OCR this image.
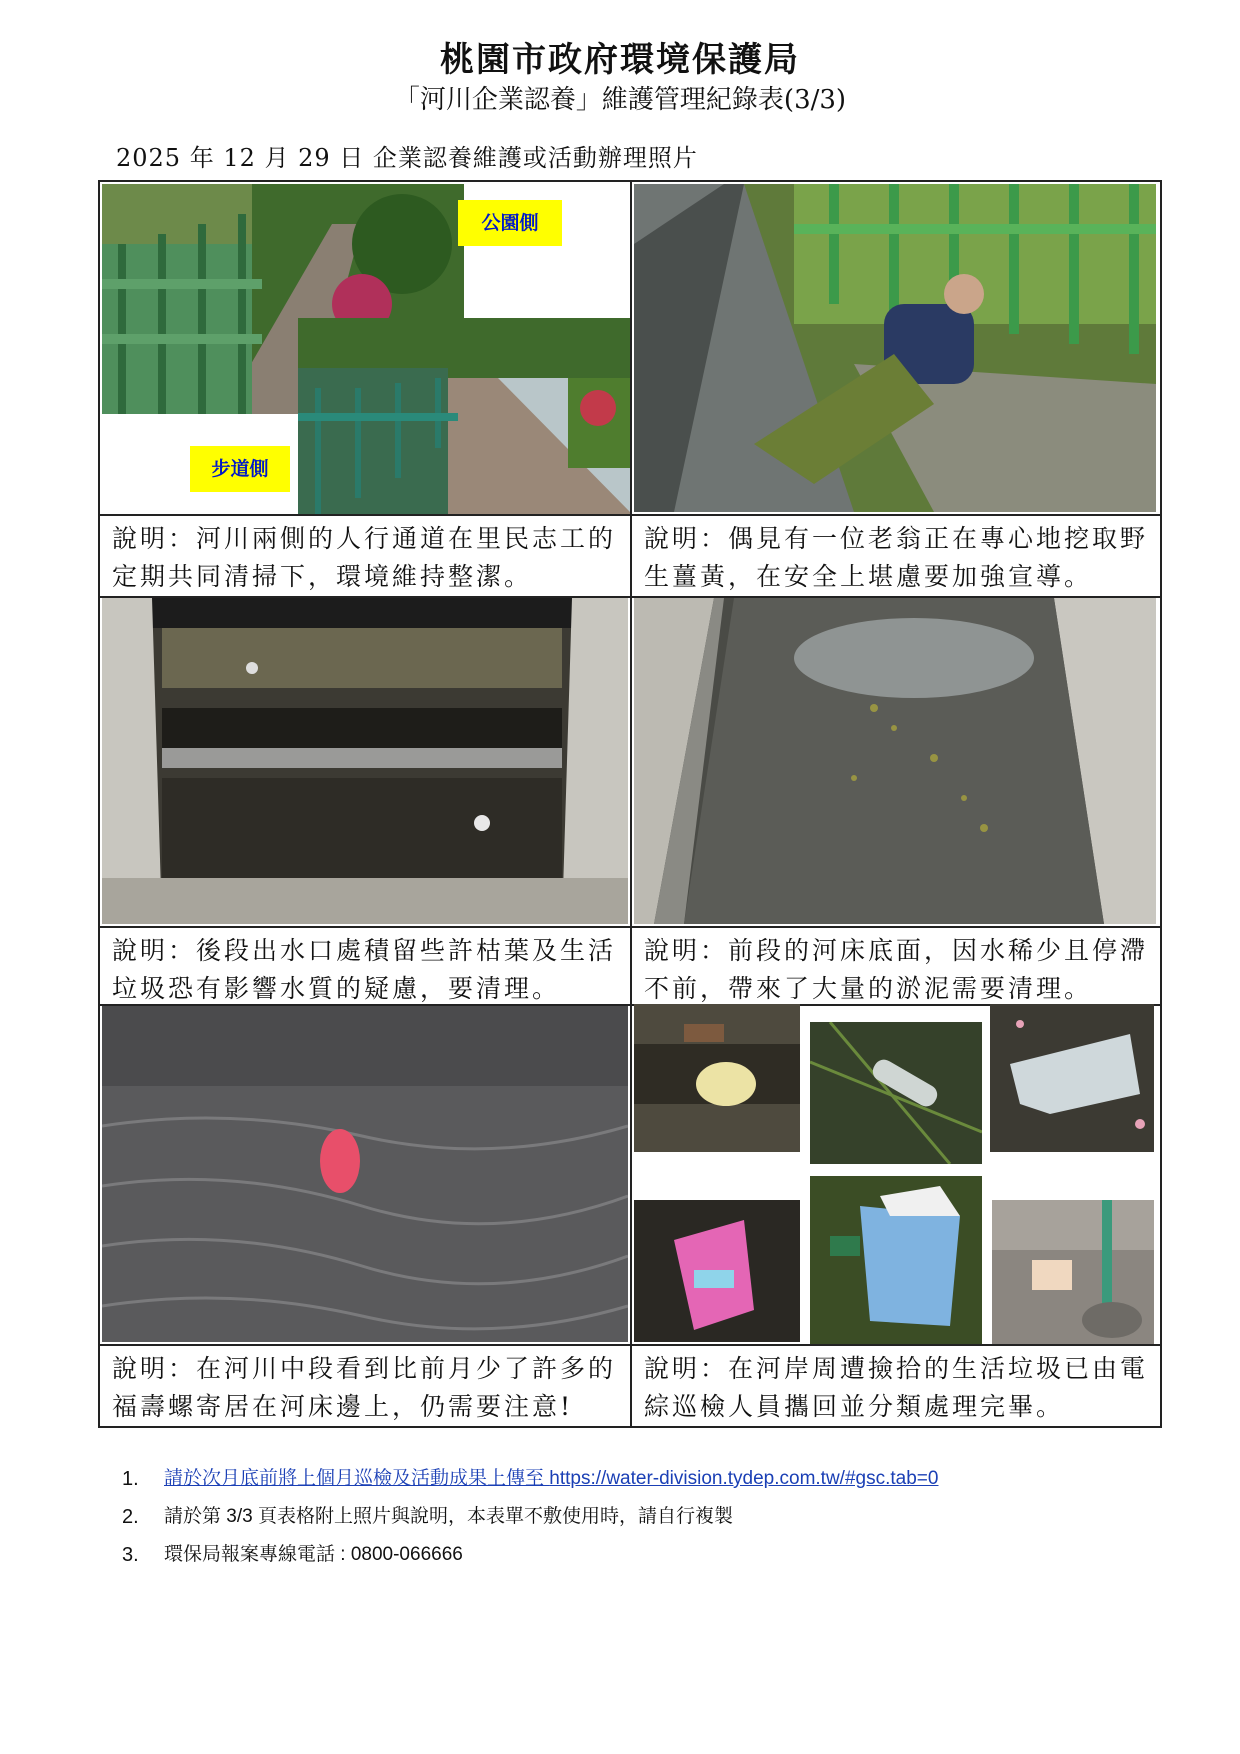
桃園市政府環境保護局
「河川企業認養」維護管理紀錄表(3/3)
2025 年 12 月 29 日 企業認養維護或活動辦理照片
公園側
步道側
說明：河川兩側的人行通道在里民志工的定期共同清掃下，環境維持整潔。
說明：偶見有一位老翁正在專心地挖取野生薑黃，在安全上堪慮要加強宣導。
說明：後段出水口處積留些許枯葉及生活垃圾恐有影響水質的疑慮，要清理。
說明：前段的河床底面，因水稀少且停滯不前，帶來了大量的淤泥需要清理。
說明：在河川中段看到比前月少了許多的福壽螺寄居在河床邊上，仍需要注意!
說明：在河岸周遭撿拾的生活垃圾已由電綜巡檢人員攜回並分類處理完畢。
1.	請於次月底前將上個月巡檢及活動成果上傳至 https://water-division.tydep.com.tw/#gsc.tab=0
2.	請於第 3/3 頁表格附上照片與說明，本表單不敷使用時，請自行複製
3.	環保局報案專線電話 : 0800-066666
